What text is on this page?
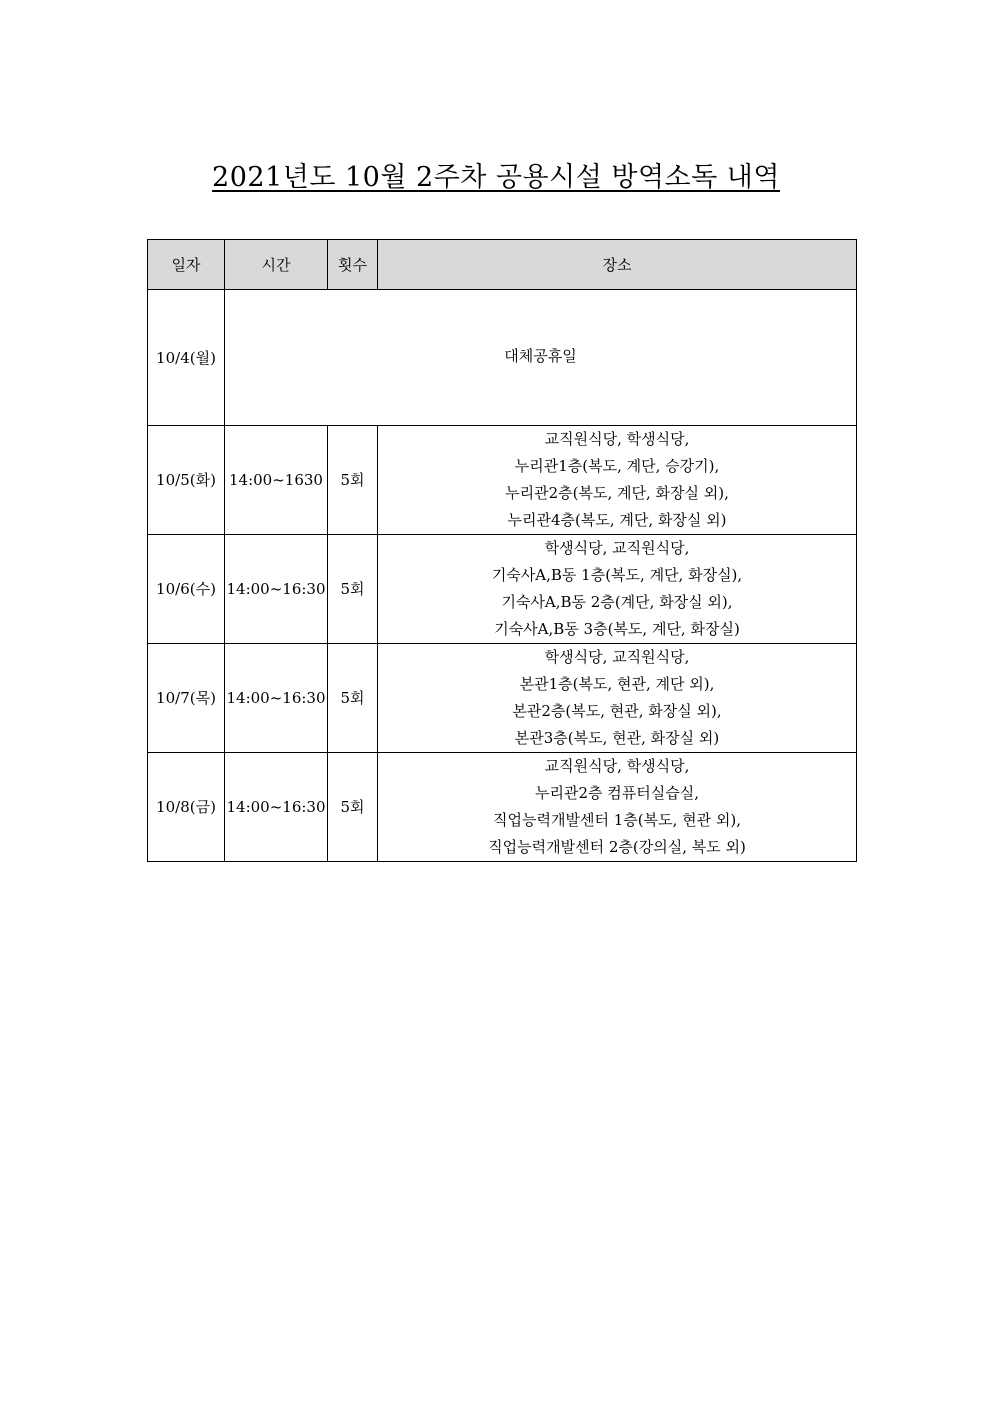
2021년도 10월 2주차 공용시설 방역소독 내역
일자	시간	횟수	장소
10/4(월)	대체공휴일		
10/5(화)	14:00~1630	5회	교직원식당, 학생식당,
누리관1층(복도, 계단, 승강기),
누리관2층(복도, 계단, 화장실 외),
누리관4층(복도, 계단, 화장실 외)

10/6(수)	14:00~16:30	5회	학생식당, 교직원식당,
기숙사A,B동 1층(복도, 계단, 화장실),
기숙사A,B동 2층(계단, 화장실 외),
기숙사A,B동 3층(복도, 계단, 화장실)

10/7(목)	14:00~16:30	5회	학생식당, 교직원식당,
본관1층(복도, 현관, 계단 외),
본관2층(복도, 현관, 화장실 외),
본관3층(복도, 현관, 화장실 외)

10/8(금)	14:00~16:30	5회	교직원식당, 학생식당,
누리관2층 컴퓨터실습실,
직업능력개발센터 1층(복도, 현관 외),
직업능력개발센터 2층(강의실, 복도 외)
